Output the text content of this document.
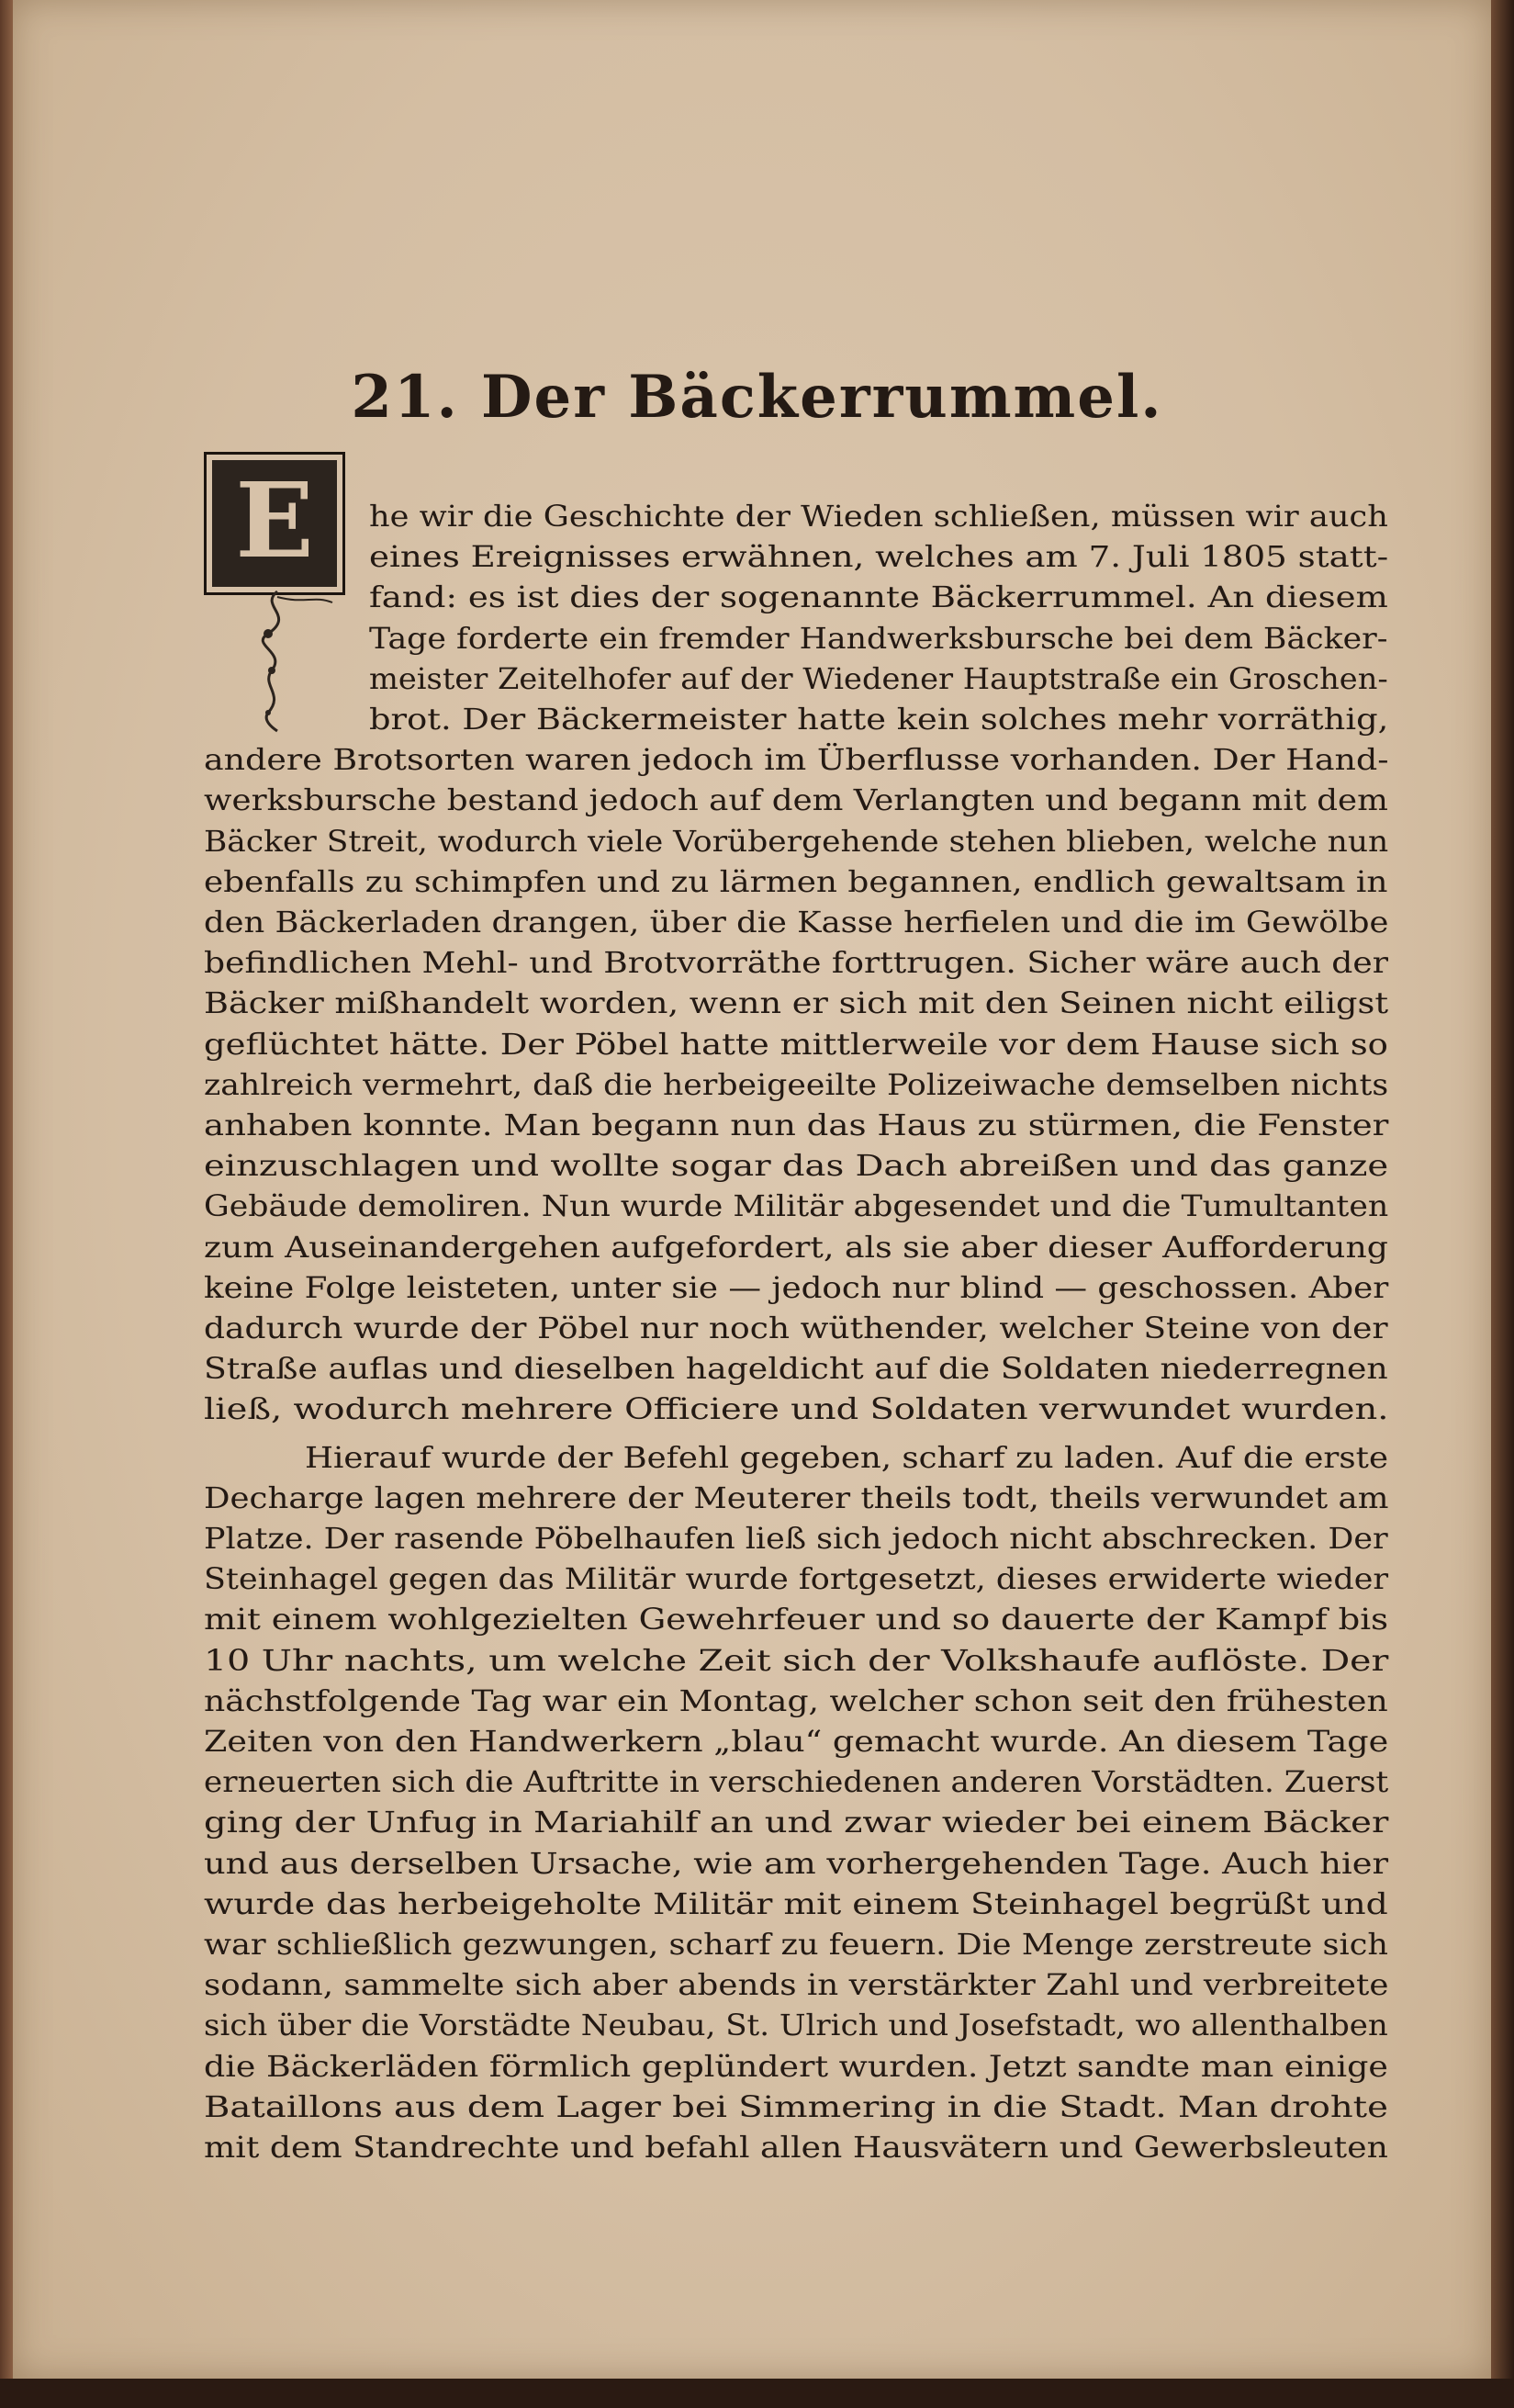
21. Der Bäckerrummel.
E	he wir die Geschichte der Wieden schließen, müssen wir auch
eines Ereignisses erwähnen, welches am 7. Juli 1805 statt-
fand: es ist dies der sogenannte Bäckerrummel. An diesem
Tage forderte ein fremder Handwerksbursche bei dem Bäcker-
meister Zeitelhofer auf der Wiedener Hauptstraße ein Groschen-
brot. Der Bäckermeister hatte kein solches mehr vorräthig,
andere Brotsorten waren jedoch im Überflusse vorhanden. Der Hand-
werksbursche bestand jedoch auf dem Verlangten und begann mit dem
Bäcker Streit, wodurch viele Vorübergehende stehen blieben, welche nun
ebenfalls zu schimpfen und zu lärmen begannen, endlich gewaltsam in
den Bäckerladen drangen, über die Kasse herfielen und die im Gewölbe
befindlichen Mehl- und Brotvorräthe forttrugen. Sicher wäre auch der
Bäcker mißhandelt worden, wenn er sich mit den Seinen nicht eiligst
geflüchtet hätte. Der Pöbel hatte mittlerweile vor dem Hause sich so
zahlreich vermehrt, daß die herbeigeeilte Polizeiwache demselben nichts
anhaben konnte. Man begann nun das Haus zu stürmen, die Fenster
einzuschlagen und wollte sogar das Dach abreißen und das ganze
Gebäude demoliren. Nun wurde Militär abgesendet und die Tumultanten
zum Auseinandergehen aufgefordert, als sie aber dieser Aufforderung
keine Folge leisteten, unter sie — jedoch nur blind — geschossen. Aber
dadurch wurde der Pöbel nur noch wüthender, welcher Steine von der
Straße auflas und dieselben hageldicht auf die Soldaten niederregnen
ließ, wodurch mehrere Officiere und Soldaten verwundet wurden.
Hierauf wurde der Befehl gegeben, scharf zu laden. Auf die erste
Decharge lagen mehrere der Meuterer theils todt, theils verwundet am
Platze. Der rasende Pöbelhaufen ließ sich jedoch nicht abschrecken. Der
Steinhagel gegen das Militär wurde fortgesetzt, dieses erwiderte wieder
mit einem wohlgezielten Gewehrfeuer und so dauerte der Kampf bis
10 Uhr nachts, um welche Zeit sich der Volkshaufe auflöste. Der
nächstfolgende Tag war ein Montag, welcher schon seit den frühesten
Zeiten von den Handwerkern „blau“ gemacht wurde. An diesem Tage
erneuerten sich die Auftritte in verschiedenen anderen Vorstädten. Zuerst
ging der Unfug in Mariahilf an und zwar wieder bei einem Bäcker
und aus derselben Ursache, wie am vorhergehenden Tage. Auch hier
wurde das herbeigeholte Militär mit einem Steinhagel begrüßt und
war schließlich gezwungen, scharf zu feuern. Die Menge zerstreute sich
sodann, sammelte sich aber abends in verstärkter Zahl und verbreitete
sich über die Vorstädte Neubau, St. Ulrich und Josefstadt, wo allenthalben
die Bäckerläden förmlich geplündert wurden. Jetzt sandte man einige
Bataillons aus dem Lager bei Simmering in die Stadt. Man drohte
mit dem Standrechte und befahl allen Hausvätern und Gewerbsleuten
